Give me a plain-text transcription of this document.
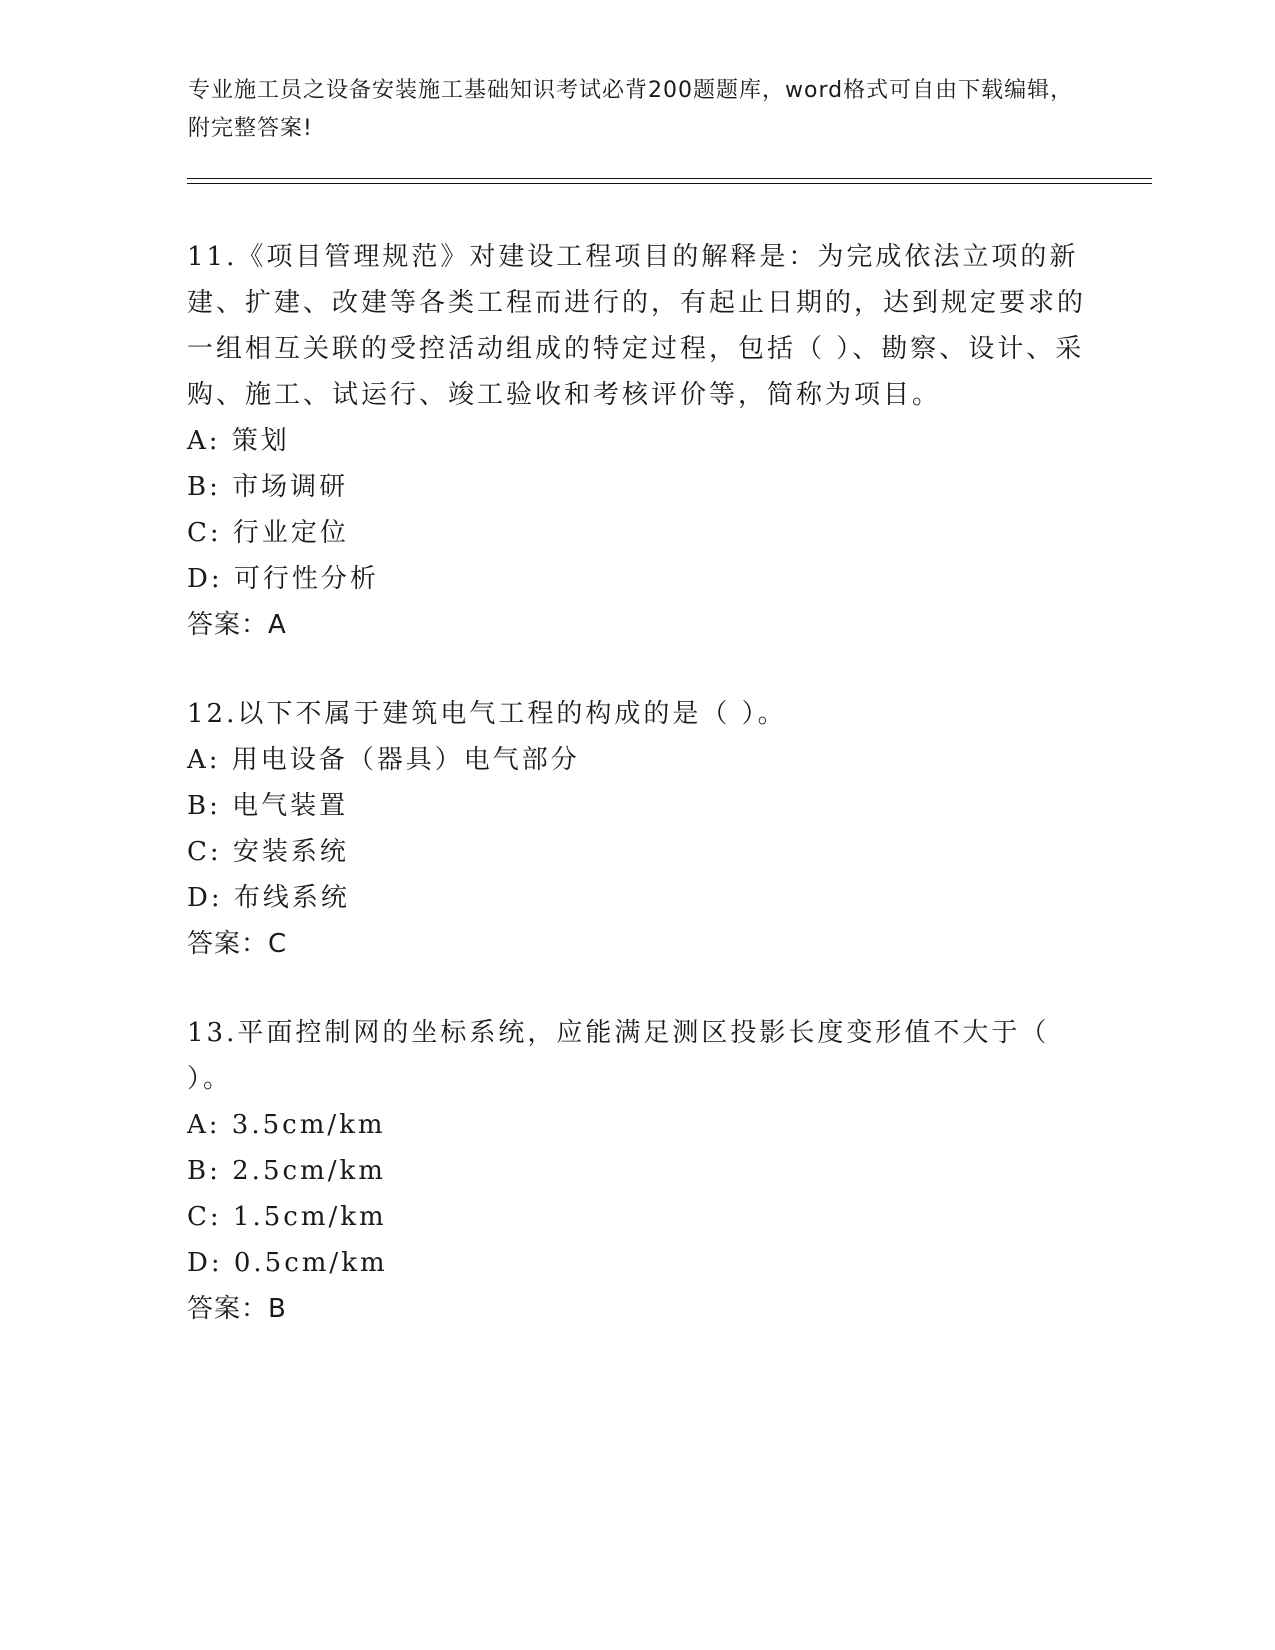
专业施工员之设备安装施工基础知识考试必背200题题库，word格式可自由下载编辑，附完整答案!

11.《项目管理规范》对建设工程项目的解释是：为完成依法立项的新建、扩建、改建等各类工程而进行的，有起止日期的，达到规定要求的一组相互关联的受控活动组成的特定过程，包括（ ）、勘察、设计、采购、施工、试运行、竣工验收和考核评价等，简称为项目。

A: 策划

B: 市场调研

C: 行业定位

D: 可行性分析

答案：A

12.以下不属于建筑电气工程的构成的是（ ）。

A: 用电设备（器具）电气部分

B: 电气装置

C: 安装系统

D: 布线系统

答案：C

13.平面控制网的坐标系统，应能满足测区投影长度变形值不大于（ ）。

A: 3.5cm/km

B: 2.5cm/km

C: 1.5cm/km

D: 0.5cm/km

答案：B
